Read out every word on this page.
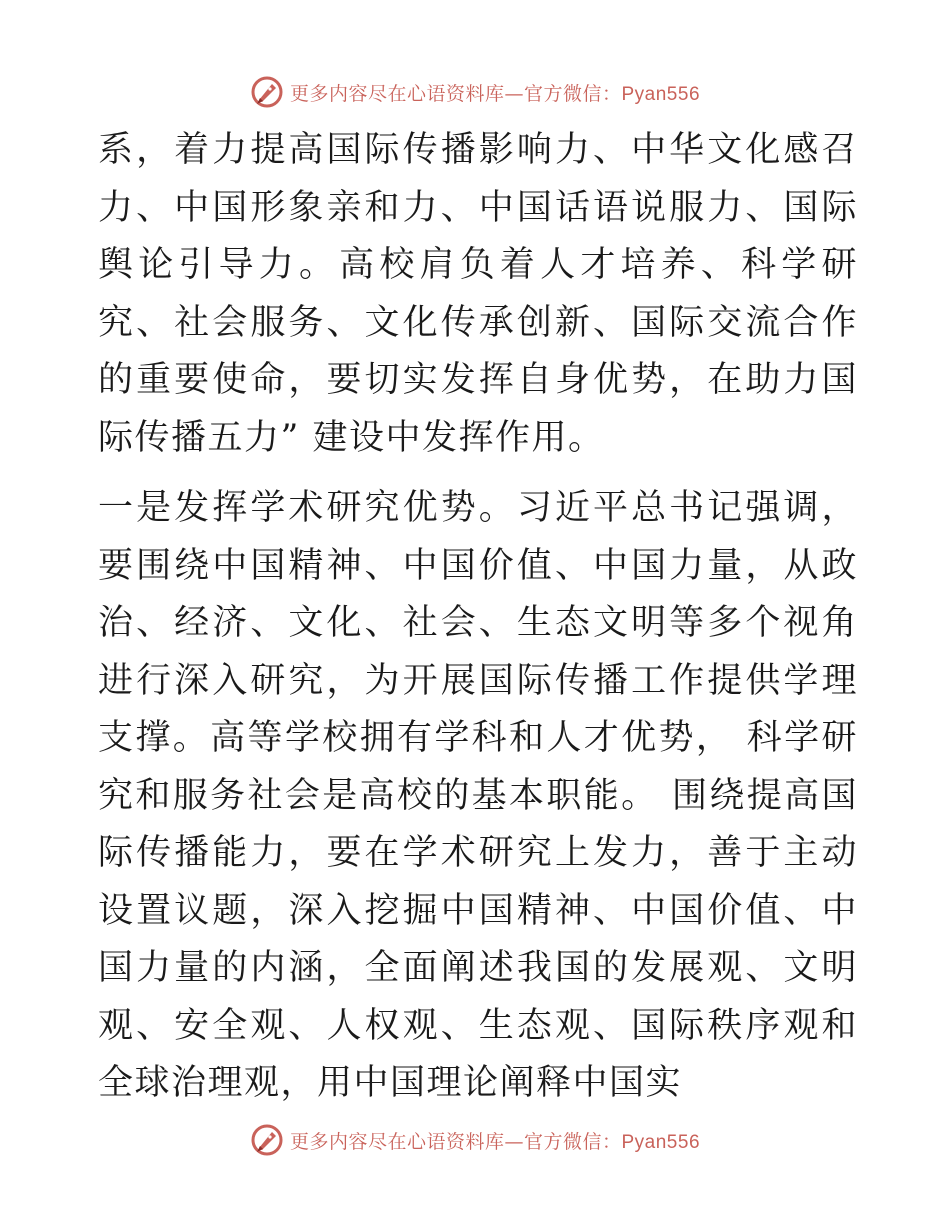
更多内容尽在心语资料库—官方微信：Pyan556

系，着力提高国际传播影响力、中华文化感召力、中国形象亲和力、中国话语说服力、国际舆论引导力。高校肩负着人才培养、科学研究、社会服务、文化传承创新、国际交流合作的重要使命，要切实发挥自身优势，在助力国际传播五力” 建设中发挥作用。

一是发挥学术研究优势。习近平总书记强调，要围绕中国精神、中国价值、中国力量，从政治、经济、文化、社会、生态文明等多个视角进行深入研究，为开展国际传播工作提供学理支撑。高等学校拥有学科和人才优势， 科学研究和服务社会是高校的基本职能。 围绕提高国际传播能力，要在学术研究上发力，善于主动设置议题，深入挖掘中国精神、中国价值、中国力量的内涵，全面阐述我国的发展观、文明观、安全观、人权观、生态观、国际秩序观和全球治理观，用中国理论阐释中国实

更多内容尽在心语资料库—官方微信：Pyan556
